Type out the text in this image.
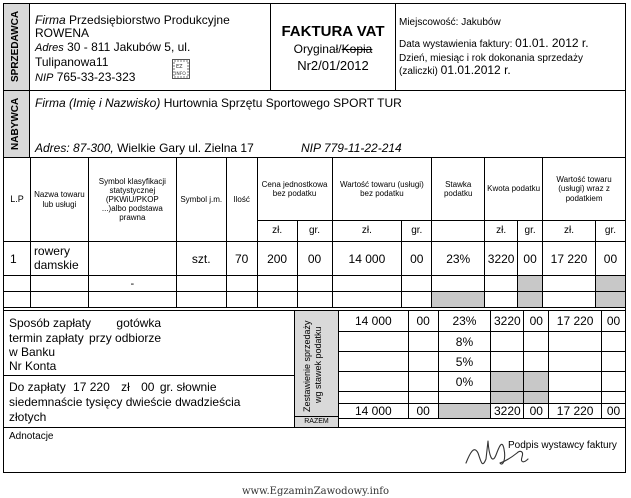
SPRZEDAWCA Firma Przedsiębiorstwo Produkcyjne
ROWENA
Adres 30 - 811 Jakubów 5, ul.
Tulipanowa11
NIP 765-33-23-323
EZ
INFO
FAKTURA VAT
Oryginał/Kopia
Nr2/01/2012
Miejscowość: Jakubów
Data wystawienia faktury: 01.01. 2012 r.
Dzień, miesiąc i rok dokonania sprzedaży
(zaliczki) 01.01.2012 r.
NABYWCA Firma (Imię i Nazwisko) Hurtownia Sprzętu Sportowego SPORT TUR
Adres: 87-300, Wielkie Gary ul. Zielna 17	NIP 779-11-22-214
L.P	Nazwa towaru lub usługi	Symbol klasyfikacji statystycznej (PKWiU/PKOP ...)albo podstawa prawna	Symbol j.m.	Ilość	Cena jednostkowa bez podatku		Wartość towaru (usługi) bez podatku		Stawka podatku	Kwota podatku		Wartość towaru (usługi) wraz z podatkiem	
					zł.	gr.	zł.	gr.		zł.	gr.	zł.	gr.
1	rowery
damskie		szt.	70	200	00	14 000	00	23%	3220	00	17 220	00
		-											

Sposób zapłaty gotówka
termin zapłaty przy odbiorze
w Banku
Nr Konta
Do zapłaty 17 220 zł 00 gr. słownie
siedemnaście tysięcy dwieście dwadzieścia
złotych
Zestawienie sprzedaży wg stawek podatku
RAZEM
14 000	00	23%	3220	00	17 220	00
		8%				
		5%				
		0%				

14 000	00		3220	00	17 220	00
Adnotacje
Podpis wystawcy faktury
www.EgzaminZawodowy.info
